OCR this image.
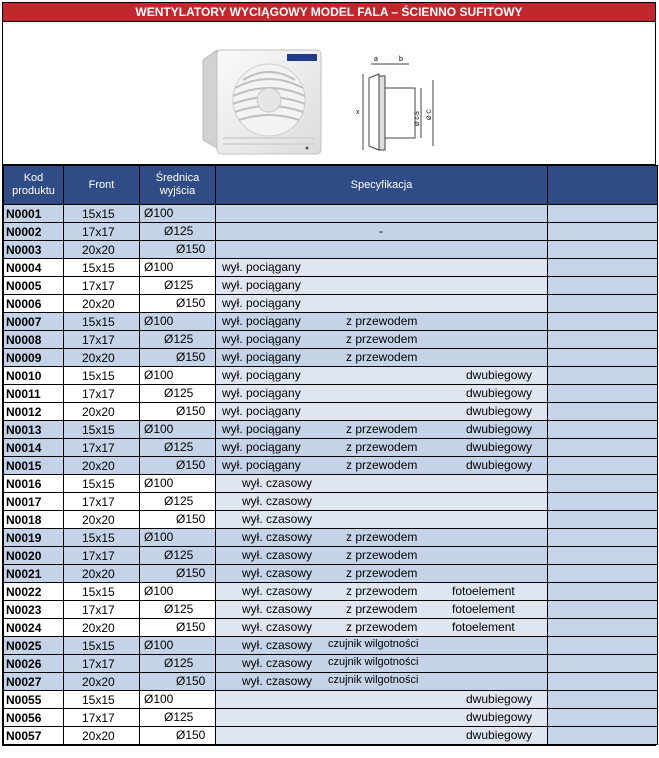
WENTYLATORY WYCIĄGOWY MODEL FALA – ŚCIENNO SUFITOWY
a	b
x	Ø c-5 Ø C
Kod produktu	Front	Średnica wyjścia	Specyfikacja	
N0001	15x15	Ø100		

N0002	17x17	Ø125	-	

N0003	20x20	Ø150		

N0004	15x15	Ø100	wył. pociągany	

N0005	17x17	Ø125	wył. pociągany	

N0006	20x20	Ø150	wył. pociągany	

N0007	15x15	Ø100	wył. pociągany z przewodem	

N0008	17x17	Ø125	wył. pociągany z przewodem	

N0009	20x20	Ø150	wył. pociągany z przewodem	

N0010	15x15	Ø100	wył. pociągany dwubiegowy	

N0011	17x17	Ø125	wył. pociągany dwubiegowy	

N0012	20x20	Ø150	wył. pociągany dwubiegowy	

N0013	15x15	Ø100	wył. pociągany z przewodem dwubiegowy	

N0014	17x17	Ø125	wył. pociągany z przewodem dwubiegowy	

N0015	20x20	Ø150	wył. pociągany z przewodem dwubiegowy	

N0016	15x15	Ø100	wył. czasowy	

N0017	17x17	Ø125	wył. czasowy	

N0018	20x20	Ø150	wył. czasowy	

N0019	15x15	Ø100	wył. czasowy z przewodem	

N0020	17x17	Ø125	wył. czasowy z przewodem	

N0021	20x20	Ø150	wył. czasowy z przewodem	

N0022	15x15	Ø100	wył. czasowy z przewodem fotoelement	

N0023	17x17	Ø125	wył. czasowy z przewodem fotoelement	

N0024	20x20	Ø150	wył. czasowy z przewodem fotoelement	

N0025	15x15	Ø100	wył. czasowy czujnik wilgotności	

N0026	17x17	Ø125	wył. czasowy czujnik wilgotności	

N0027	20x20	Ø150	wył. czasowy czujnik wilgotności	

N0055	15x15	Ø100	dwubiegowy	

N0056	17x17	Ø125	dwubiegowy	

N0057	20x20	Ø150	dwubiegowy	
